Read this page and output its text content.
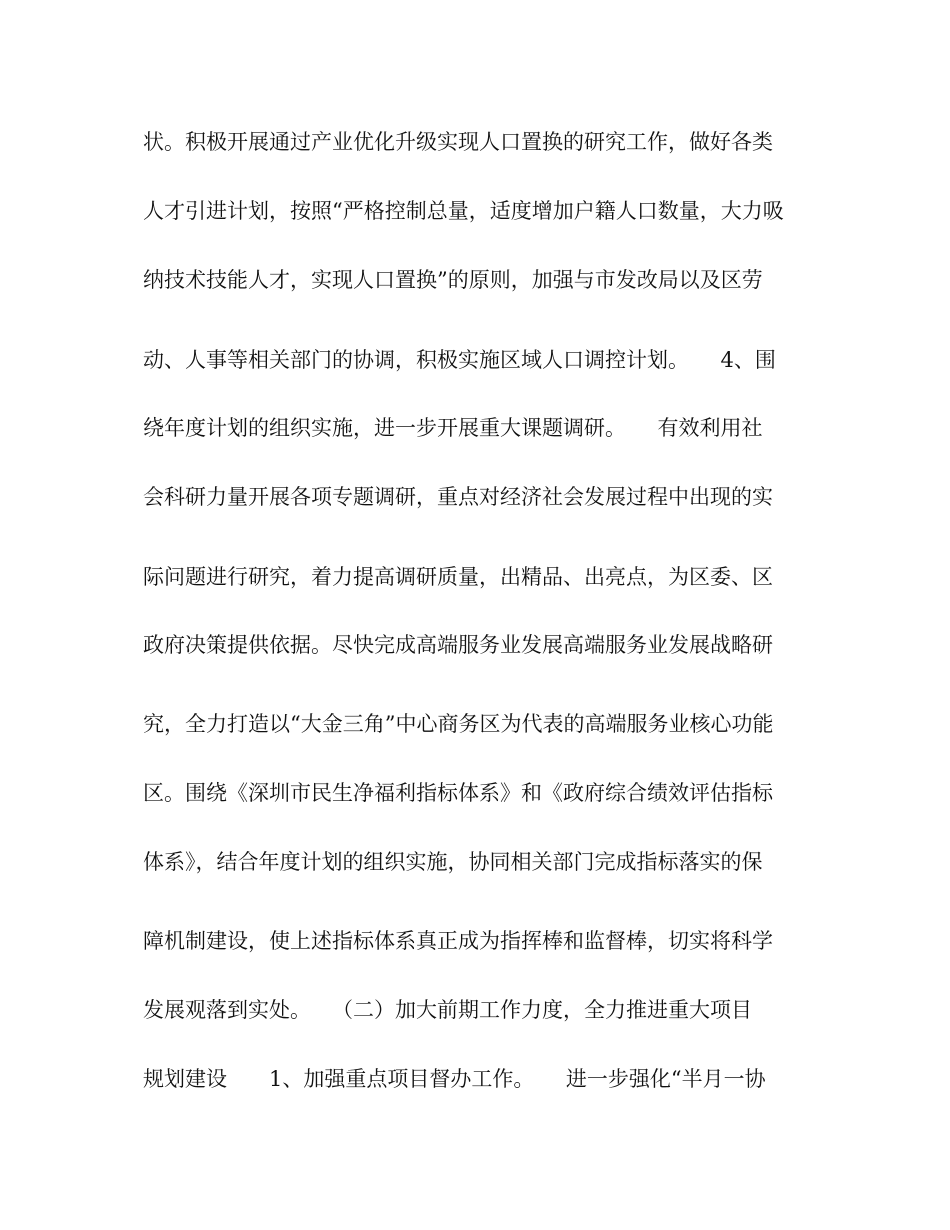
状。积极开展通过产业优化升级实现人口置换的研究工作，做好各类
人才引进计划，按照“严格控制总量，适度增加户籍人口数量，大力吸
纳技术技能人才，实现人口置换”的原则，加强与市发改局以及区劳
动、人事等相关部门的协调，积极实施区域人口调控计划。　　4、围
绕年度计划的组织实施，进一步开展重大课题调研。　　有效利用社
会科研力量开展各项专题调研，重点对经济社会发展过程中出现的实
际问题进行研究，着力提高调研质量，出精品、出亮点，为区委、区
政府决策提供依据。尽快完成高端服务业发展高端服务业发展战略研
究，全力打造以“大金三角”中心商务区为代表的高端服务业核心功能
区。围绕《深圳市民生净福利指标体系》和《政府综合绩效评估指标
体系》，结合年度计划的组织实施，协同相关部门完成指标落实的保
障机制建设，使上述指标体系真正成为指挥棒和监督棒，切实将科学
发展观落到实处。　　（二）加大前期工作力度，全力推进重大项目
规划建设　　1、加强重点项目督办工作。　　进一步强化“半月一协
